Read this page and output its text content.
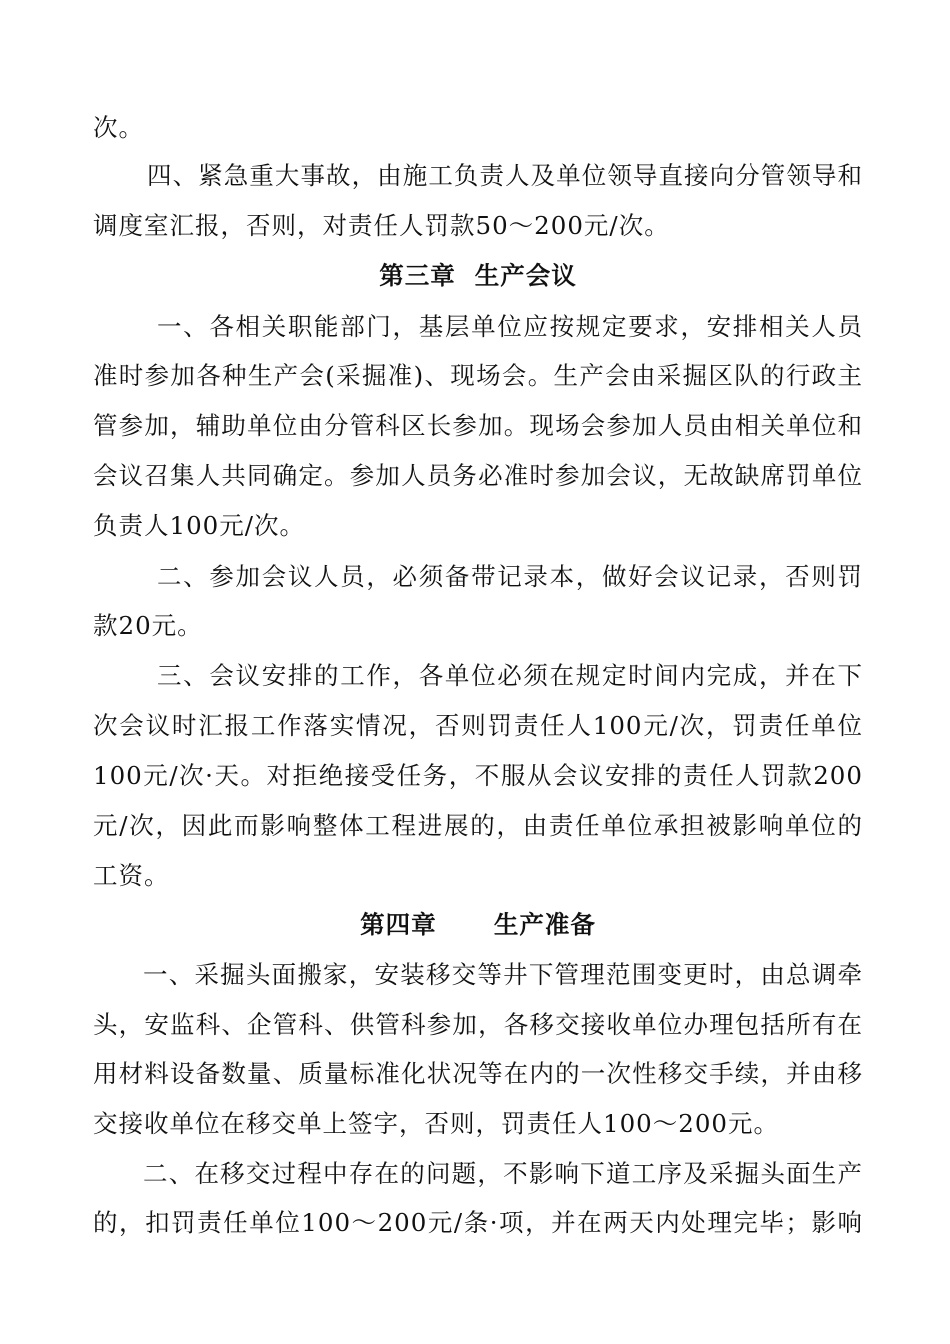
次。
四、紧急重大事故，由施工负责人及单位领导直接向分管领导和
调度室汇报，否则，对责任人罚款50～200元/次。
第三章  生产会议
一、各相关职能部门，基层单位应按规定要求，安排相关人员
准时参加各种生产会(采掘准)、现场会。生产会由采掘区队的行政主
管参加，辅助单位由分管科区长参加。现场会参加人员由相关单位和
会议召集人共同确定。参加人员务必准时参加会议，无故缺席罚单位
负责人100元/次。
二、参加会议人员，必须备带记录本，做好会议记录，否则罚
款20元。
三、会议安排的工作，各单位必须在规定时间内完成，并在下
次会议时汇报工作落实情况，否则罚责任人100元/次，罚责任单位
100元/次·天。对拒绝接受任务，不服从会议安排的责任人罚款200
元/次，因此而影响整体工程进展的，由责任单位承担被影响单位的
工资。
第四章      生产准备
一、采掘头面搬家，安装移交等井下管理范围变更时，由总调牵
头，安监科、企管科、供管科参加，各移交接收单位办理包括所有在
用材料设备数量、质量标准化状况等在内的一次性移交手续，并由移
交接收单位在移交单上签字，否则，罚责任人100～200元。
二、在移交过程中存在的问题，不影响下道工序及采掘头面生产
的，扣罚责任单位100～200元/条·项，并在两天内处理完毕；影响
